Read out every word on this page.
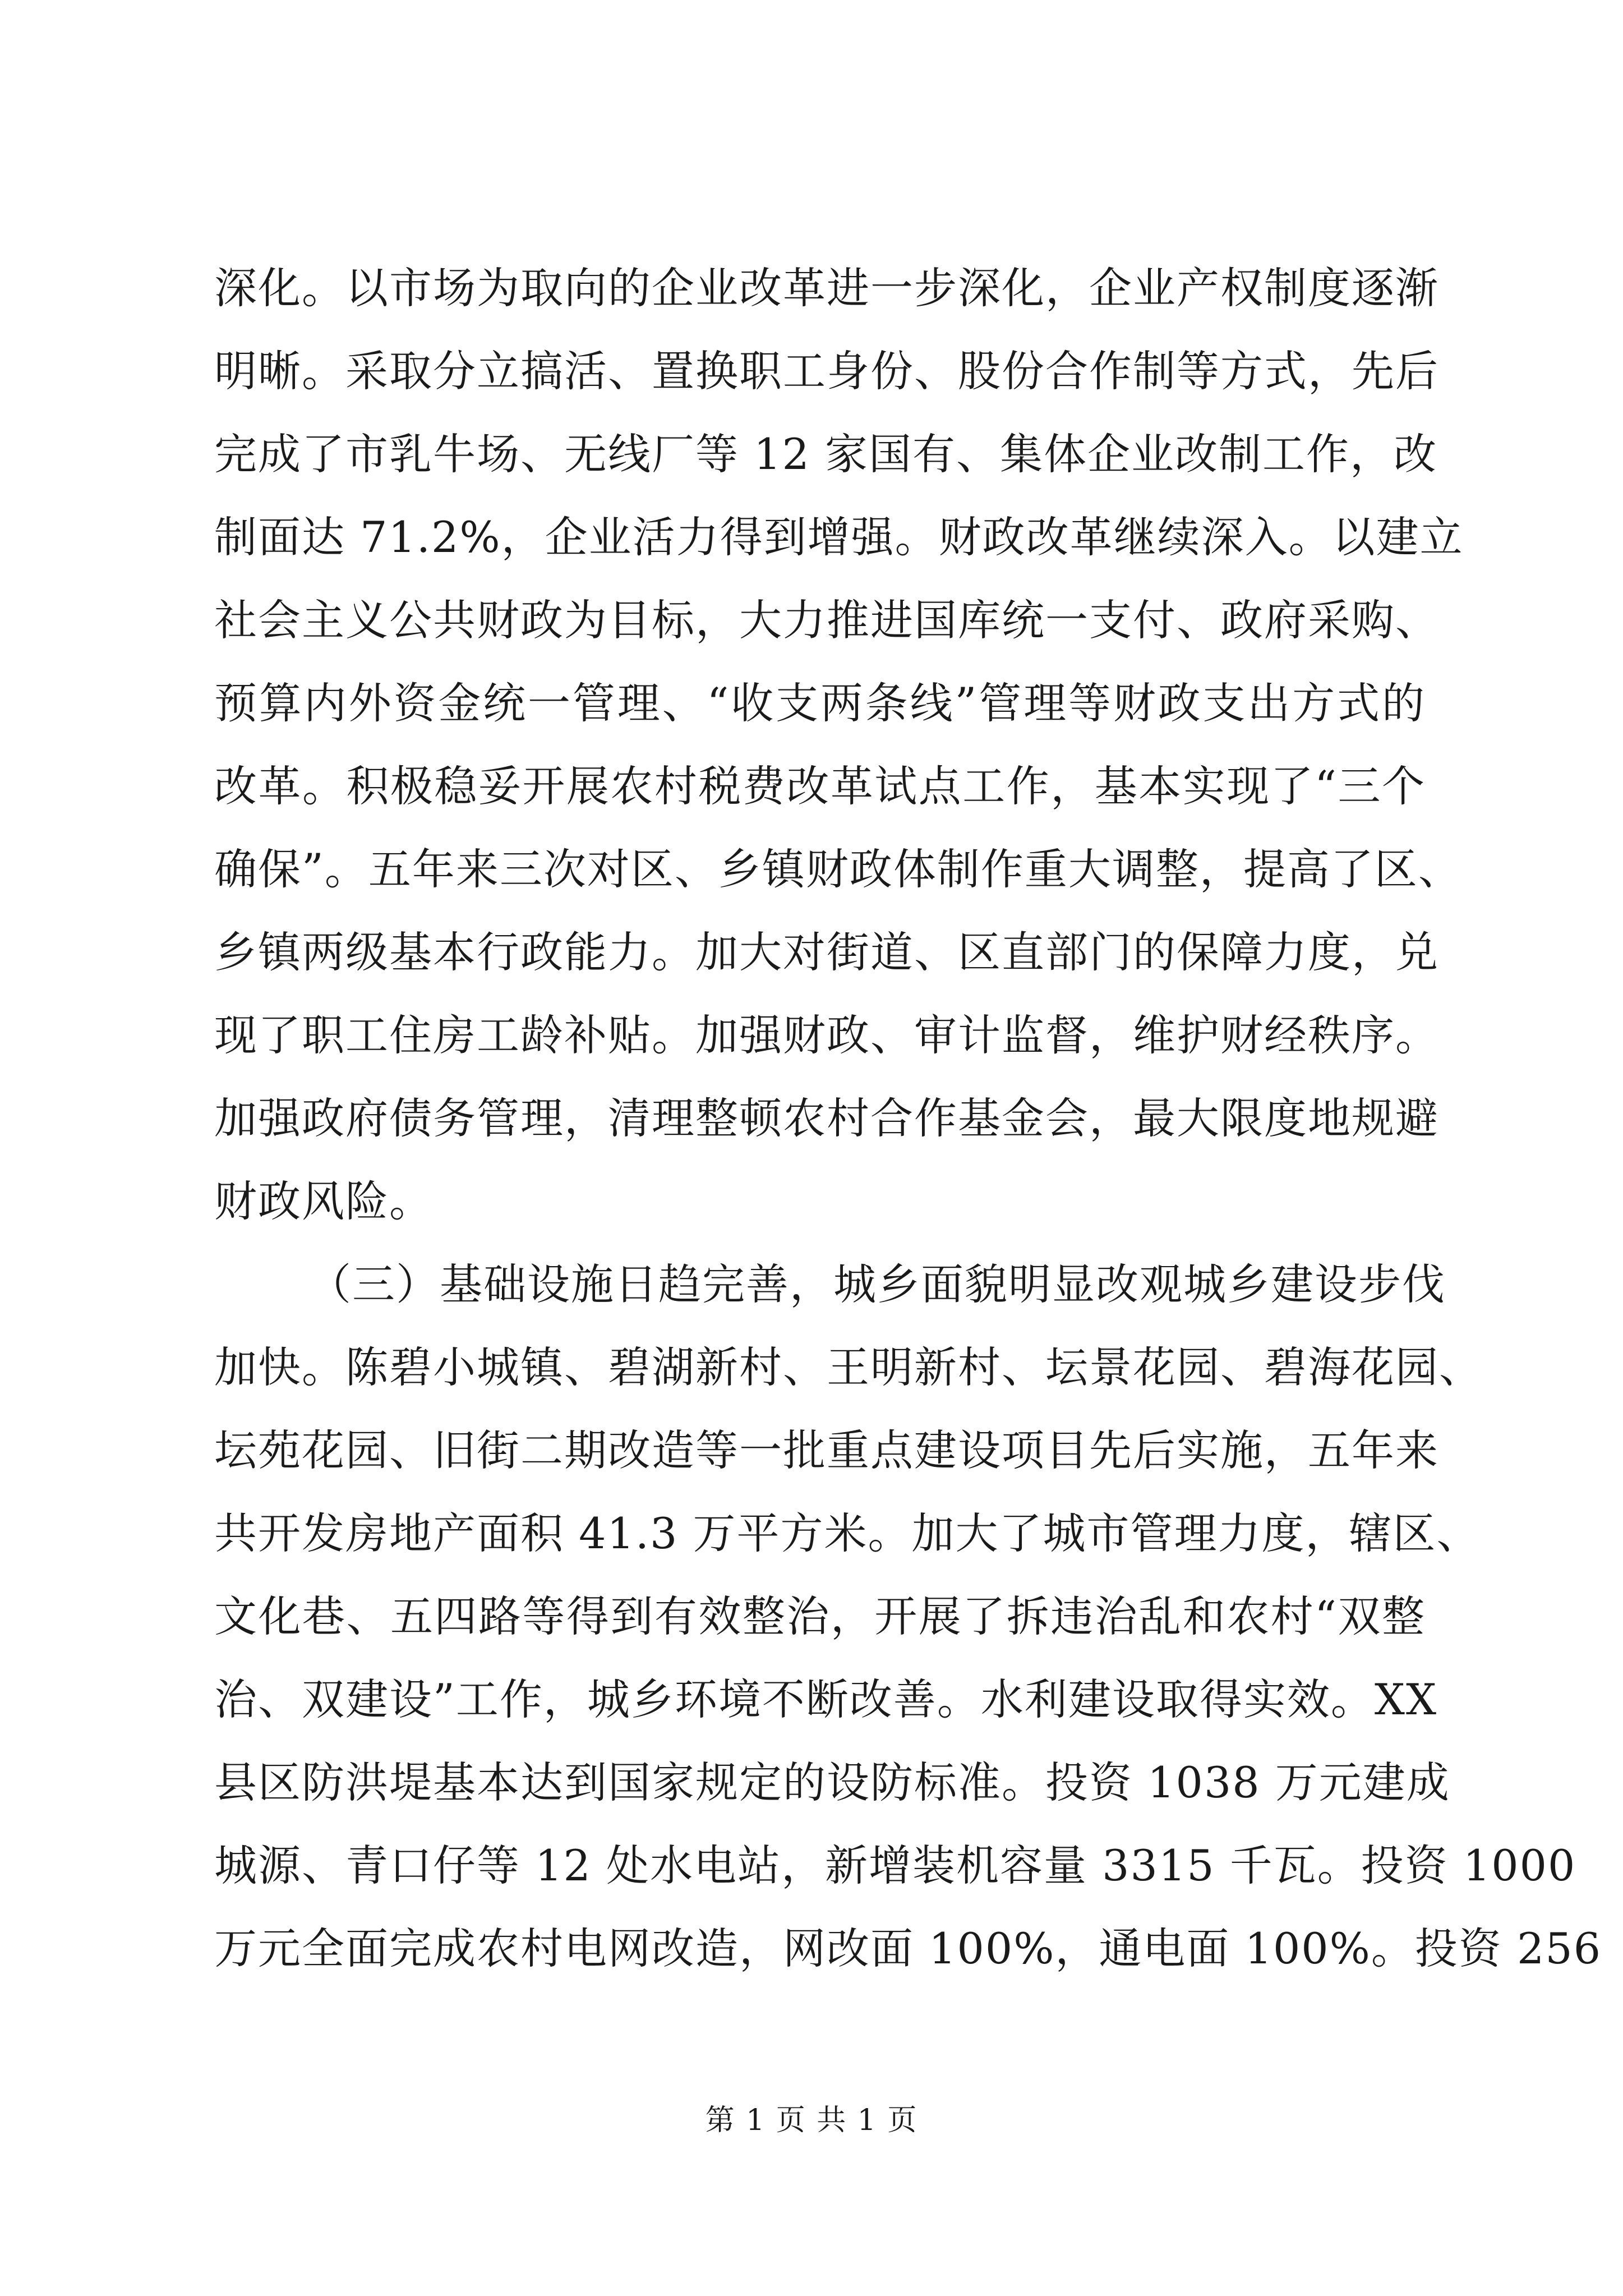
深化。以市场为取向的企业改革进一步深化，企业产权制度逐渐
明晰。采取分立搞活、置换职工身份、股份合作制等方式，先后
完成了市乳牛场、无线厂等 12 家国有、集体企业改制工作，改
制面达 71.2%，企业活力得到增强。财政改革继续深入。以建立
社会主义公共财政为目标，大力推进国库统一支付、政府采购、
预算内外资金统一管理、“收支两条线”管理等财政支出方式的
改革。积极稳妥开展农村税费改革试点工作，基本实现了“三个
确保”。五年来三次对区、乡镇财政体制作重大调整，提高了区、
乡镇两级基本行政能力。加大对街道、区直部门的保障力度，兑
现了职工住房工龄补贴。加强财政、审计监督，维护财经秩序。
加强政府债务管理，清理整顿农村合作基金会，最大限度地规避
财政风险。
（三）基础设施日趋完善，城乡面貌明显改观城乡建设步伐
加快。陈碧小城镇、碧湖新村、王明新村、坛景花园、碧海花园、
坛苑花园、旧街二期改造等一批重点建设项目先后实施，五年来
共开发房地产面积 41.3 万平方米。加大了城市管理力度，辖区、
文化巷、五四路等得到有效整治，开展了拆违治乱和农村“双整
治、双建设”工作，城乡环境不断改善。水利建设取得实效。XX
县区防洪堤基本达到国家规定的设防标准。投资 1038 万元建成
城源、青口仔等 12 处水电站，新增装机容量 3315 千瓦。投资 1000
万元全面完成农村电网改造，网改面 100%，通电面 100%。投资 256
第 1 页 共 1 页
